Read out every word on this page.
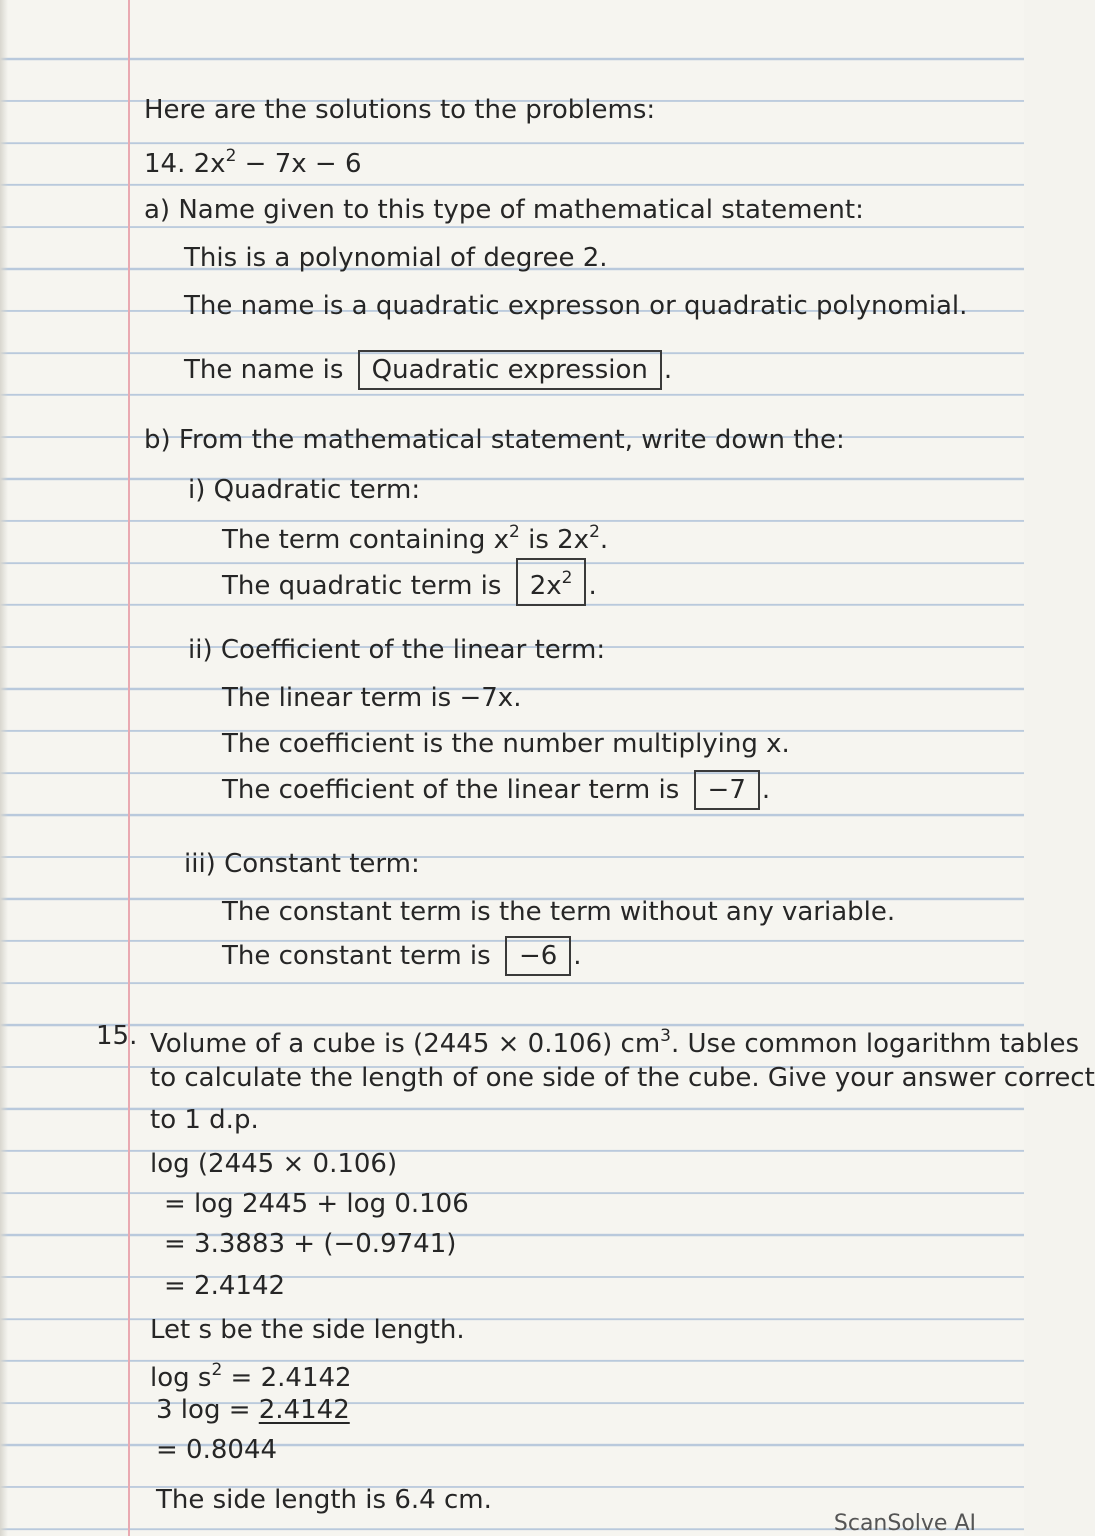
Here are the solutions to the problems:
14. $2x^2 - 7x - 6$
a) Name given to this type of mathematical statement:
This is a polynomial of degree 2.
The name is a quadratic expresson or quadratic polynomial.
The name is Quadratic expression .
b) From the mathematical statement, write down the:
i) Quadratic term:
The term containing $x^2$ is $2x^2$.
The quadratic term is $2x^2$ .
ii) Coefficient of the linear term:
The linear term is −7x.
The coefficient is the number multiplying x.
The coefficient of the linear term is −7 .
iii) Constant term:
The constant term is the term without any variable.
The constant term is −6 .
15. Volume of a cube is (2445 × 0.106) $cm^3$. Use common logarithm tables
to calculate the length of one side of the cube. Give your answer correct
to 1 d.p.
log (2445 × 0.106)
= log 2445 + log 0.106
= 3.3883 + (−0.9741)
= 2.4142
Let s be the side length.
$\log s^2 = 2.4142$
3 log = 2.4142
= 0.8044
The side length is 6.4 cm.
ScanSolve AI
